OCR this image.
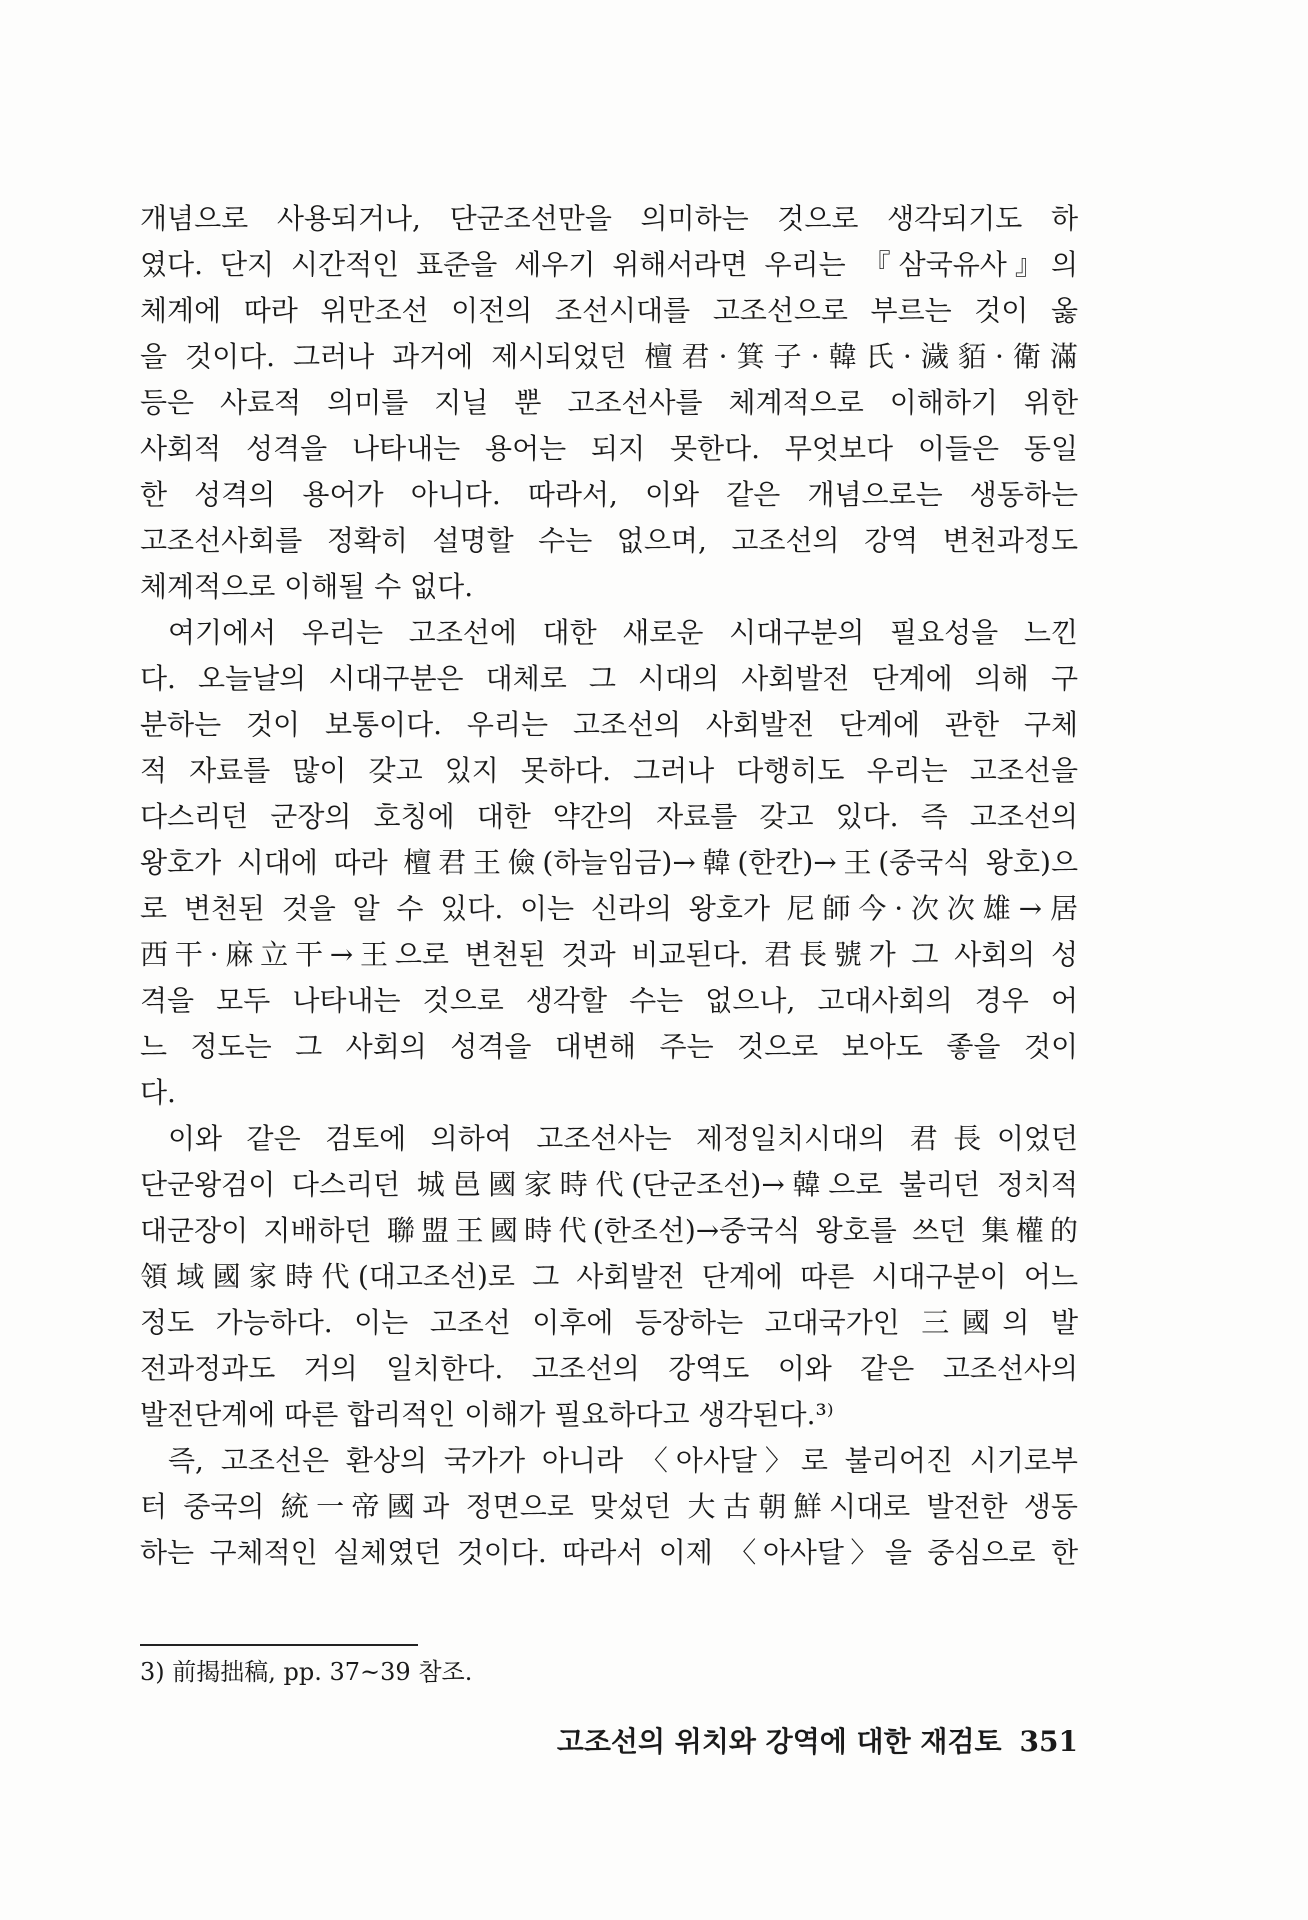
개념으로 사용되거나, 단군조선만을 의미하는 것으로 생각되기도 하
였다. 단지 시간적인 표준을 세우기 위해서라면 우리는 『삼국유사』의
체계에 따라 위만조선 이전의 조선시대를 고조선으로 부르는 것이 옳
을 것이다. 그러나 과거에 제시되었던 檀君·箕子·韓氏·濊貊·衛滿
등은 사료적 의미를 지닐 뿐 고조선사를 체계적으로 이해하기 위한
사회적 성격을 나타내는 용어는 되지 못한다. 무엇보다 이들은 동일
한 성격의 용어가 아니다. 따라서, 이와 같은 개념으로는 생동하는
고조선사회를 정확히 설명할 수는 없으며, 고조선의 강역 변천과정도
체계적으로 이해될 수 없다.
여기에서 우리는 고조선에 대한 새로운 시대구분의 필요성을 느낀
다. 오늘날의 시대구분은 대체로 그 시대의 사회발전 단계에 의해 구
분하는 것이 보통이다. 우리는 고조선의 사회발전 단계에 관한 구체
적 자료를 많이 갖고 있지 못하다. 그러나 다행히도 우리는 고조선을
다스리던 군장의 호칭에 대한 약간의 자료를 갖고 있다. 즉 고조선의
왕호가 시대에 따라 檀君王儉(하늘임금)→韓(한칸)→王(중국식 왕호)으
로 변천된 것을 알 수 있다. 이는 신라의 왕호가 尼師今·次次雄→居
西干·麻立干→王으로 변천된 것과 비교된다. 君長號가 그 사회의 성
격을 모두 나타내는 것으로 생각할 수는 없으나, 고대사회의 경우 어
느 정도는 그 사회의 성격을 대변해 주는 것으로 보아도 좋을 것이
다.
이와 같은 검토에 의하여 고조선사는 제정일치시대의 君長이었던
단군왕검이 다스리던 城邑國家時代(단군조선)→韓으로 불리던 정치적
대군장이 지배하던 聯盟王國時代(한조선)→중국식 왕호를 쓰던 集權的
領域國家時代(대고조선)로 그 사회발전 단계에 따른 시대구분이 어느
정도 가능하다. 이는 고조선 이후에 등장하는 고대국가인 三國의 발
전과정과도 거의 일치한다. 고조선의 강역도 이와 같은 고조선사의
발전단계에 따른 합리적인 이해가 필요하다고 생각된다.³⁾
즉, 고조선은 환상의 국가가 아니라 〈아사달〉로 불리어진 시기로부
터 중국의 統一帝國과 정면으로 맞섰던 大古朝鮮시대로 발전한 생동
하는 구체적인 실체였던 것이다. 따라서 이제 〈아사달〉을 중심으로 한
3) 前揭拙稿, pp. 37~39 참조.
고조선의 위치와 강역에 대한 재검토 351
